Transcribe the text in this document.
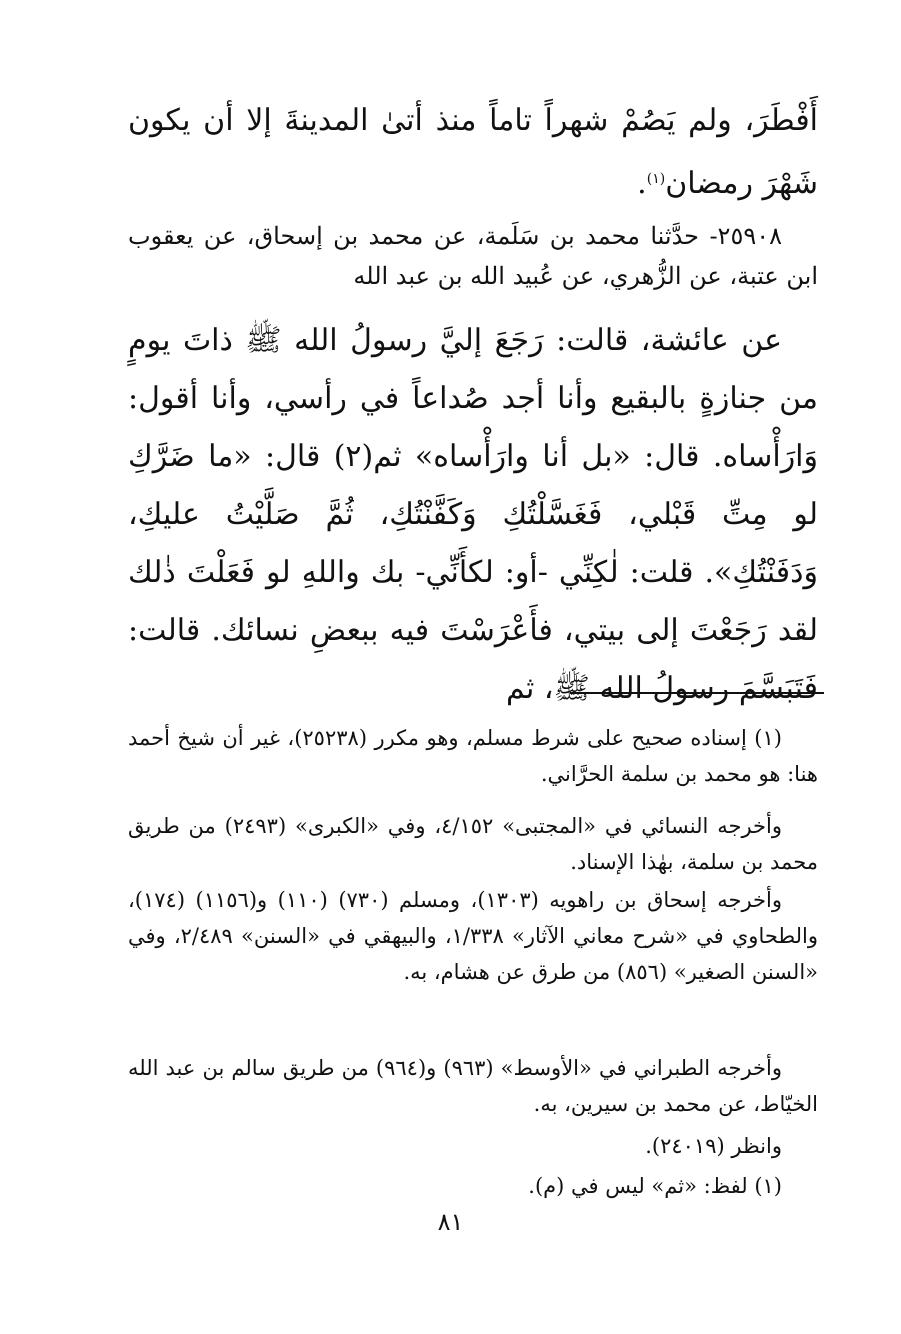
أَفْطَرَ، ولم يَصُمْ شهراً تاماً منذ أتىٰ المدينةَ إلا أن يكون شَهْرَ رمضان$^{(١)}$.

٢٥٩٠٨- حدَّثنا محمد بن سَلَمة، عن محمد بن إسحاق، عن يعقوب ابن عتبة، عن الزُّهري، عن عُبيد الله بن عبد الله

عن عائشة، قالت: رَجَعَ إليَّ رسولُ الله ﷺ ذاتَ يومٍ من جنازةٍ بالبقيع وأنا أجد صُداعاً في رأسي، وأنا أقول: وَارَأْساه. قال: «بل أنا وارَأْساه» ثم(٢) قال: «ما ضَرَّكِ لو مِتِّ قَبْلي، فَغَسَّلْتُكِ وَكَفَّنْتُكِ، ثُمَّ صَلَّيْتُ عليكِ، وَدَفَنْتُكِ». قلت: لٰكِنِّي -أو: لكأَنِّي- بك واللهِ لو فَعَلْتَ ذٰلك لقد رَجَعْتَ إلى بيتي، فأَعْرَسْتَ فيه ببعضِ نسائك. قالت: فَتَبَسَّمَ رسولُ الله ﷺ، ثم

(١) إسناده صحيح على شرط مسلم، وهو مكرر (٢٥٢٣٨)، غير أن شيخ أحمد هنا: هو محمد بن سلمة الحرَّاني.

وأخرجه النسائي في «المجتبى» ٤/١٥٢، وفي «الكبرى» (٢٤٩٣) من طريق محمد بن سلمة، بهٰذا الإسناد.

وأخرجه إسحاق بن راهويه (١٣٠٣)، ومسلم (٧٣٠) (١١٠) و(١١٥٦) (١٧٤)، والطحاوي في «شرح معاني الآثار» ١/٣٣٨، والبيهقي في «السنن» ٢/٤٨٩، وفي «السنن الصغير» (٨٥٦) من طرق عن هشام، به.

وأخرجه الطبراني في «الأوسط» (٩٦٣) و(٩٦٤) من طريق سالم بن عبد الله الخيّاط، عن محمد بن سيرين، به.

وانظر (٢٤٠١٩).

(١) لفظ: «ثم» ليس في (م).

٨١
